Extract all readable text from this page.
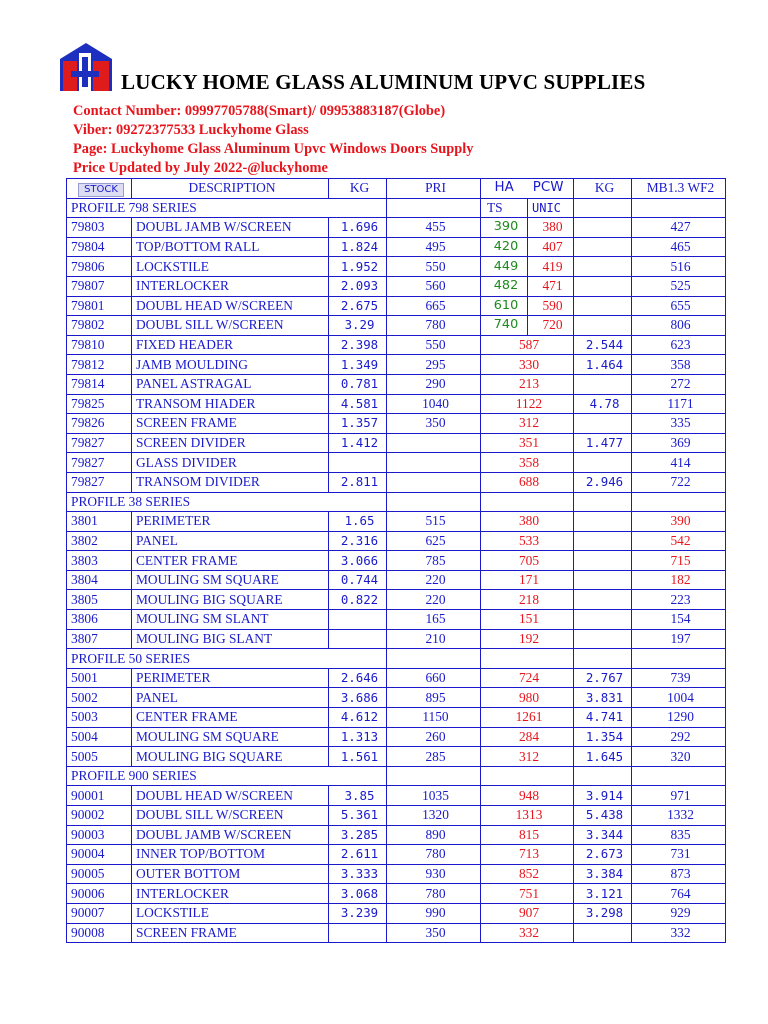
LUCKY HOME GLASS ALUMINUM UPVC SUPPLIES
Contact Number: 09997705788(Smart)/ 09953883187(Globe)
Viber: 09272377533 Luckyhome Glass
Page: Luckyhome Glass Aluminum Upvc Windows Doors Supply
Price Updated by July 2022-@luckyhome
STOCK	DESCRIPTION	KG	PRI	HA PCW		KG	MB1.3 WF2
PROFILE 798 SERIES				TS	UNIC		
79803	DOUBL JAMB W/SCREEN	1.696	455	390	380		427
79804	TOP/BOTTOM RALL	1.824	495	420	407		465
79806	LOCKSTILE	1.952	550	449	419		516
79807	INTERLOCKER	2.093	560	482	471		525
79801	DOUBL HEAD W/SCREEN	2.675	665	610	590		655
79802	DOUBL SILL W/SCREEN	3.29	780	740	720		806
79810	FIXED HEADER	2.398	550	587		2.544	623
79812	JAMB MOULDING	1.349	295	330		1.464	358
79814	PANEL ASTRAGAL	0.781	290	213			272
79825	TRANSOM HIADER	4.581	1040	1122		4.78	1171
79826	SCREEN FRAME	1.357	350	312			335
79827	SCREEN DIVIDER	1.412		351		1.477	369
79827	GLASS DIVIDER			358			414
79827	TRANSOM DIVIDER	2.811		688		2.946	722
PROFILE 38 SERIES							
3801	PERIMETER	1.65	515	380			390
3802	PANEL	2.316	625	533			542
3803	CENTER FRAME	3.066	785	705			715
3804	MOULING SM SQUARE	0.744	220	171			182
3805	MOULING BIG SQUARE	0.822	220	218			223
3806	MOULING SM SLANT		165	151			154
3807	MOULING BIG SLANT		210	192			197
PROFILE 50 SERIES							
5001	PERIMETER	2.646	660	724		2.767	739
5002	PANEL	3.686	895	980		3.831	1004
5003	CENTER FRAME	4.612	1150	1261		4.741	1290
5004	MOULING SM SQUARE	1.313	260	284		1.354	292
5005	MOULING BIG SQUARE	1.561	285	312		1.645	320
PROFILE 900 SERIES							
90001	DOUBL HEAD W/SCREEN	3.85	1035	948		3.914	971
90002	DOUBL SILL W/SCREEN	5.361	1320	1313		5.438	1332
90003	DOUBL JAMB W/SCREEN	3.285	890	815		3.344	835
90004	INNER TOP/BOTTOM	2.611	780	713		2.673	731
90005	OUTER BOTTOM	3.333	930	852		3.384	873
90006	INTERLOCKER	3.068	780	751		3.121	764
90007	LOCKSTILE	3.239	990	907		3.298	929
90008	SCREEN FRAME		350	332			332
